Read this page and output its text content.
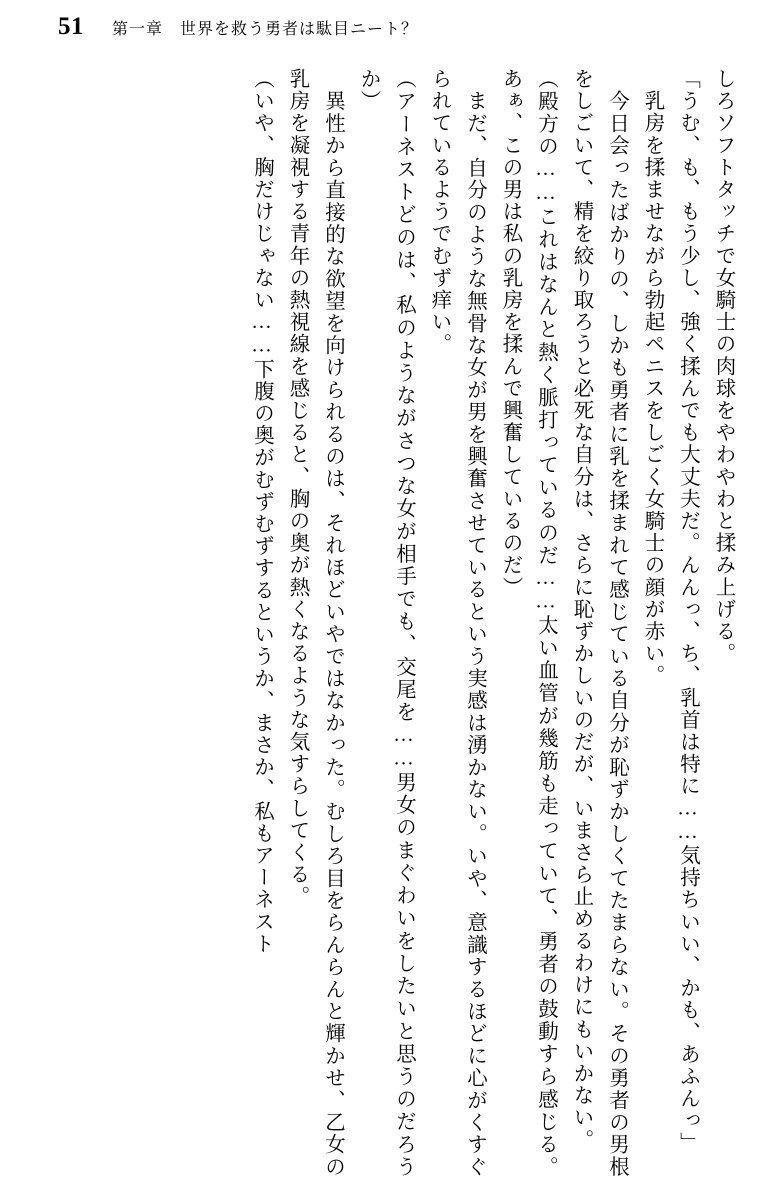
51 第一章　世界を救う勇者は駄目ニート？

しろソフトタッチで女騎士の肉球をやわやわと揉み上げる。

「うむ、も、もう少し、強く揉んでも大丈夫だ。んんっ、ち、乳首は特に……気持ちいい、かも、あふんっ」

　乳房を揉ませながら勃起ペニスをしごく女騎士の顔が赤い。

　今日会ったばかりの、しかも勇者に乳を揉まれて感じている自分が恥ずかしくてたまらない。その勇者の男根をしごいて、精を絞り取ろうと必死な自分は、さらに恥ずかしいのだが、いまさら止めるわけにもいかない。

（殿方の……これはなんと熱く脈打っているのだ……太い血管が幾筋も走っていて、勇者の鼓動すら感じる。あぁ、この男は私の乳房を揉んで興奮しているのだ）

　まだ、自分のような無骨な女が男を興奮させているという実感は湧かない。いや、意識するほどに心がくすぐられているようでむず痒い。

（アーネストどのは、私のようながさつな女が相手でも、交尾を……男女のまぐわいをしたいと思うのだろうか）

　異性から直接的な欲望を向けられるのは、それほどいやではなかった。むしろ目をらんらんと輝かせ、乙女の乳房を凝視する青年の熱視線を感じると、胸の奥が熱くなるような気すらしてくる。

（いや、胸だけじゃない……下腹の奥がむずむずするというか、まさか、私もアーネスト
